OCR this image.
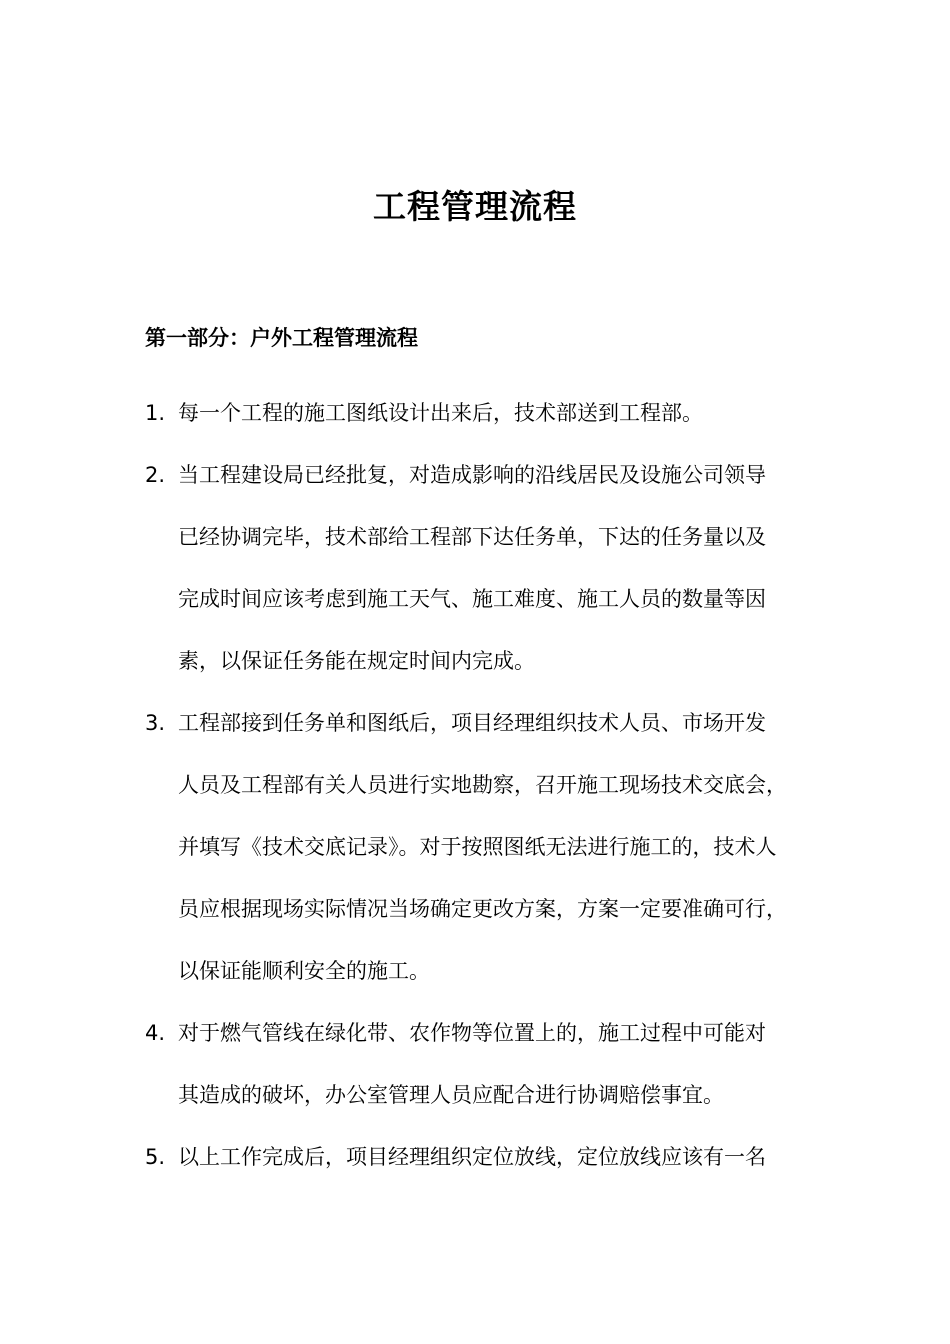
工程管理流程
第一部分：户外工程管理流程
1. 每一个工程的施工图纸设计出来后，技术部送到工程部。
2. 当工程建设局已经批复，对造成影响的沿线居民及设施公司领导
已经协调完毕，技术部给工程部下达任务单，下达的任务量以及
完成时间应该考虑到施工天气、施工难度、施工人员的数量等因
素，以保证任务能在规定时间内完成。
3. 工程部接到任务单和图纸后，项目经理组织技术人员、市场开发
人员及工程部有关人员进行实地勘察，召开施工现场技术交底会，
并填写《技术交底记录》。对于按照图纸无法进行施工的，技术人
员应根据现场实际情况当场确定更改方案，方案一定要准确可行，
以保证能顺利安全的施工。
4. 对于燃气管线在绿化带、农作物等位置上的，施工过程中可能对
其造成的破坏，办公室管理人员应配合进行协调赔偿事宜。
5. 以上工作完成后，项目经理组织定位放线，定位放线应该有一名
